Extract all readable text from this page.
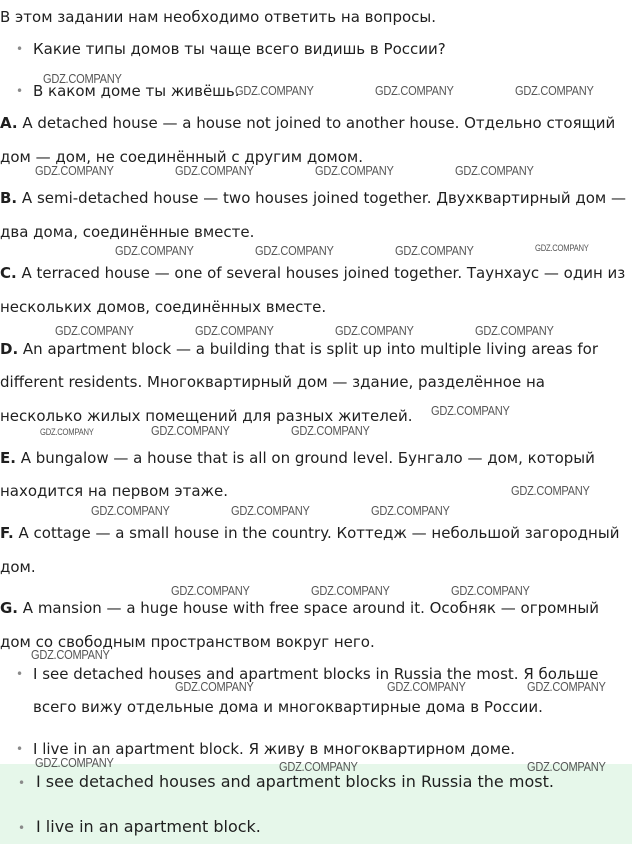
В этом задании нам необходимо ответить на вопросы.
• Какие типы домов ты чаще всего видишь в России?
• В каком доме ты живёшь.
A. A detached house — a house not joined to another house. Отдельно стоящий
дом — дом, не соединённый с другим домом.
B. A semi-detached house — two houses joined together. Двухквартирный дом —
два дома, соединённые вместе.
C. A terraced house — one of several houses joined together. Таунхаус — один из
нескольких домов, соединённых вместе.
D. An apartment block — a building that is split up into multiple living areas for
different residents. Многоквартирный дом — здание, разделённое на
несколько жилых помещений для разных жителей.
E. A bungalow — a house that is all on ground level. Бунгало — дом, который
находится на первом этаже.
F. A cottage — a small house in the country. Коттедж — небольшой загородный
дом.
G. A mansion — a huge house with free space around it. Особняк — огромный
дом со свободным пространством вокруг него.
• I see detached houses and apartment blocks in Russia the most. Я больше
всего вижу отдельные дома и многоквартирные дома в России.
• I live in an apartment block. Я живу в многоквартирном доме.
• I see detached houses and apartment blocks in Russia the most.
• I live in an apartment block.
GDZ.COMPANY
GDZ.COMPANY	GDZ.COMPANY	GDZ.COMPANY
GDZ.COMPANY	GDZ.COMPANY	GDZ.COMPANY	GDZ.COMPANY
GDZ.COMPANY	GDZ.COMPANY	GDZ.COMPANY	GDZ.COMPANY
GDZ.COMPANY	GDZ.COMPANY	GDZ.COMPANY	GDZ.COMPANY
GDZ.COMPANY
GDZ.COMPANY	GDZ.COMPANY	GDZ.COMPANY
GDZ.COMPANY
GDZ.COMPANY	GDZ.COMPANY	GDZ.COMPANY
GDZ.COMPANY	GDZ.COMPANY	GDZ.COMPANY
GDZ.COMPANY
GDZ.COMPANY	GDZ.COMPANY	GDZ.COMPANY
GDZ.COMPANY	GDZ.COMPANY	GDZ.COMPANY
